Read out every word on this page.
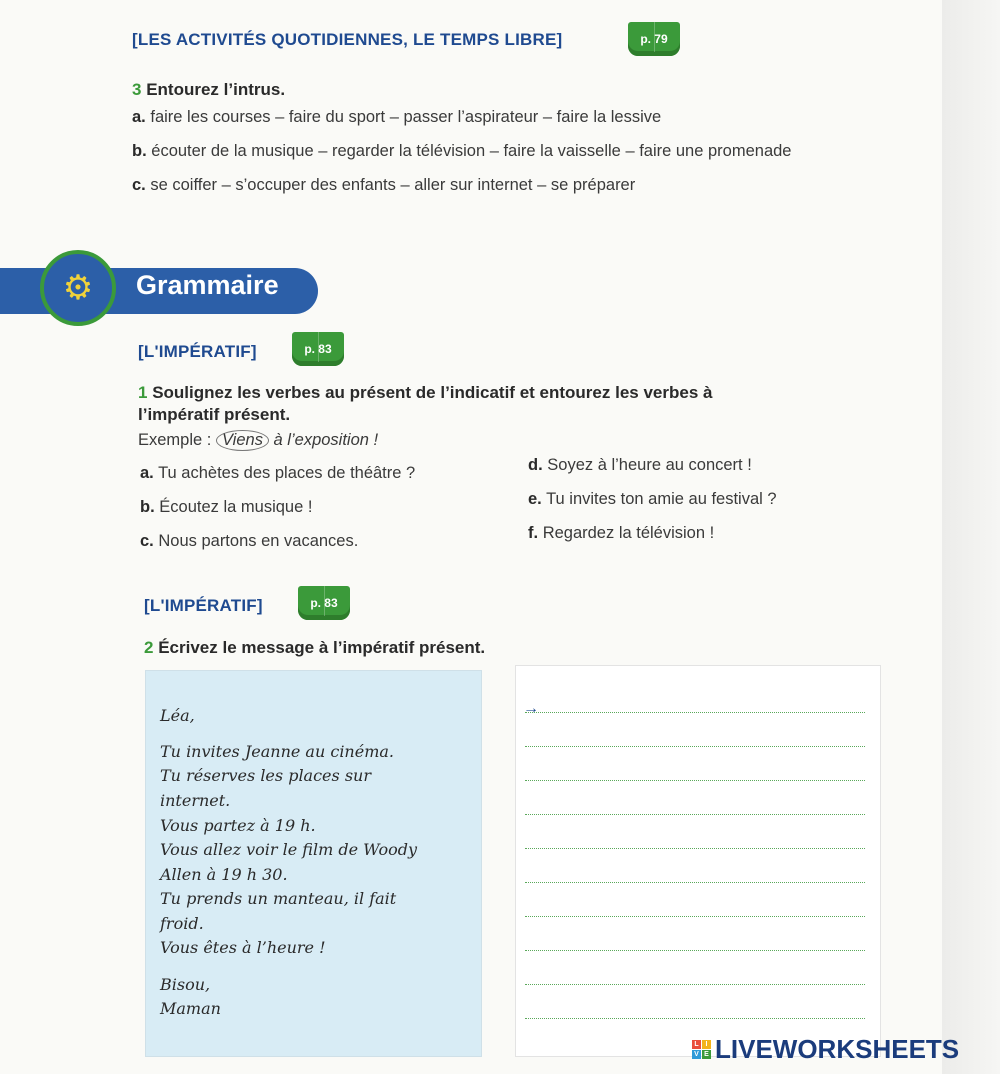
[LES ACTIVITÉS QUOTIDIENNES, LE TEMPS LIBRE]	p. 79
3 Entourez l’intrus.
a. faire les courses – faire du sport – passer l’aspirateur – faire la lessive
b. écouter de la musique – regarder la télévision – faire la vaisselle – faire une promenade
c. se coiffer – s’occuper des enfants – aller sur internet – se préparer
⚙	Grammaire
[L'IMPÉRATIF]	p. 83
1 Soulignez les verbes au présent de l’indicatif et entourez les verbes à
l’impératif présent.
Exemple : Viens à l’exposition !
a. Tu achètes des places de théâtre ?
b. Écoutez la musique !
c. Nous partons en vacances.
d. Soyez à l’heure au concert !
e. Tu invites ton amie au festival ?
f. Regardez la télévision !
[L'IMPÉRATIF]	p. 83
2 Écrivez le message à l’impératif présent.
Léa,
Tu invites Jeanne au cinéma.
Tu réserves les places sur
internet.
Vous partez à 19 h.
Vous allez voir le film de Woody
Allen à 19 h 30.
Tu prends un manteau, il fait
froid.
Vous êtes à l’heure !
Bisou,
Maman
→
L I
V E LIVEWORKSHEETS
